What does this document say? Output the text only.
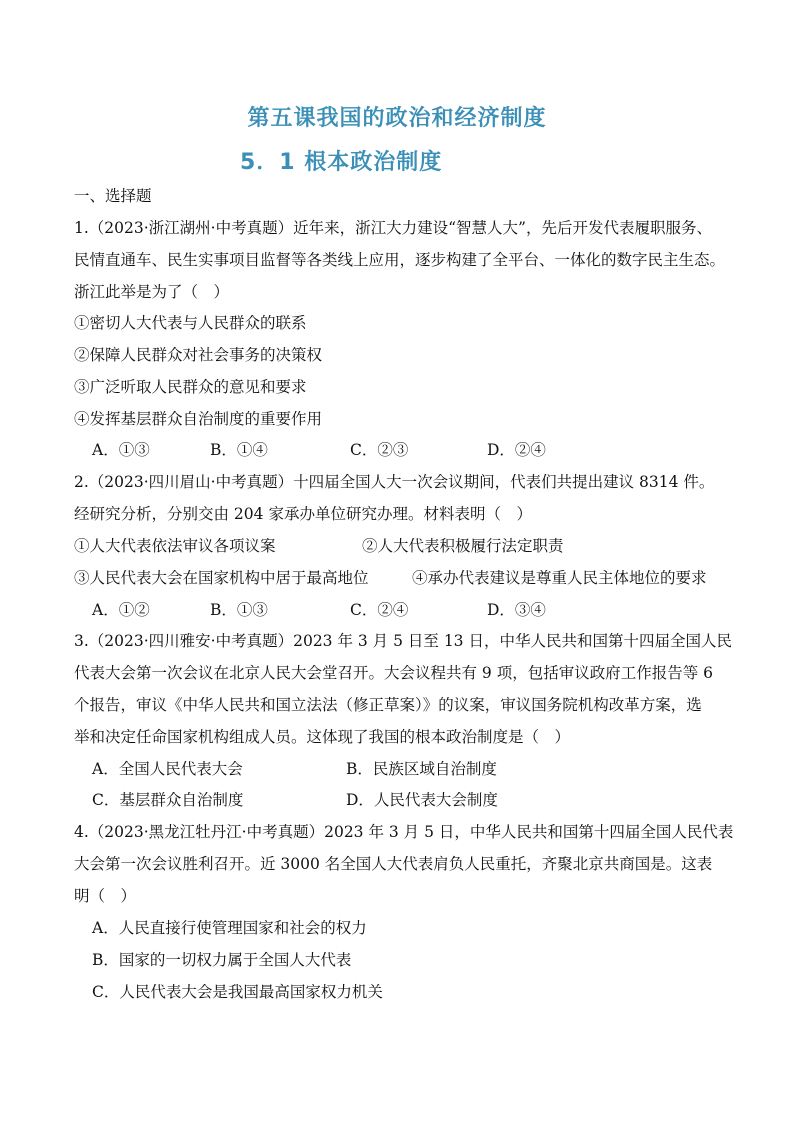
第五课我国的政治和经济制度
5．1 根本政治制度
一、选择题
1.（2023·浙江湖州·中考真题）近年来，浙江大力建设“智慧人大”，先后开发代表履职服务、
民情直通车、民生实事项目监督等各类线上应用，逐步构建了全平台、一体化的数字民主生态。
浙江此举是为了（　）
①密切人大代表与人民群众的联系
②保障人民群众对社会事务的决策权
③广泛听取人民群众的意见和要求
④发挥基层群众自治制度的重要作用
A．①③	B．①④	C．②③	D．②④
2.（2023·四川眉山·中考真题）十四届全国人大一次会议期间，代表们共提出建议 8314 件。
经研究分析，分别交由 204 家承办单位研究办理。材料表明（　）
①人大代表依法审议各项议案	②人大代表积极履行法定职责
③人民代表大会在国家机构中居于最高地位	④承办代表建议是尊重人民主体地位的要求
A．①②	B．①③	C．②④	D．③④
3.（2023·四川雅安·中考真题）2023 年 3 月 5 日至 13 日，中华人民共和国第十四届全国人民
代表大会第一次会议在北京人民大会堂召开。大会议程共有 9 项，包括审议政府工作报告等 6
个报告，审议《中华人民共和国立法法（修正草案）》的议案，审议国务院机构改革方案，选
举和决定任命国家机构组成人员。这体现了我国的根本政治制度是（　）
A．全国人民代表大会	B．民族区域自治制度
C．基层群众自治制度	D．人民代表大会制度
4.（2023·黑龙江牡丹江·中考真题）2023 年 3 月 5 日，中华人民共和国第十四届全国人民代表
大会第一次会议胜利召开。近 3000 名全国人大代表肩负人民重托，齐聚北京共商国是。这表
明（　）
A．人民直接行使管理国家和社会的权力
B．国家的一切权力属于全国人大代表
C．人民代表大会是我国最高国家权力机关
